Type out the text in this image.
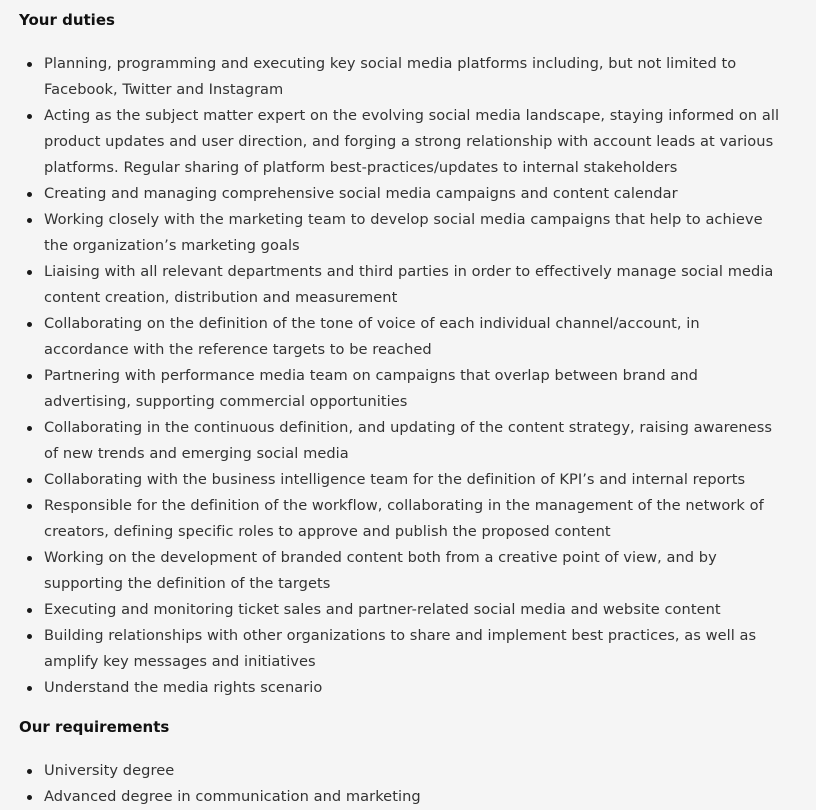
Your duties
Planning, programming and executing key social media platforms including, but not limited to Facebook, Twitter and Instagram
Acting as the subject matter expert on the evolving social media landscape, staying informed on all product updates and user direction, and forging a strong relationship with account leads at various platforms. Regular sharing of platform best-practices/updates to internal stakeholders
Creating and managing comprehensive social media campaigns and content calendar
Working closely with the marketing team to develop social media campaigns that help to achieve the organization’s marketing goals
Liaising with all relevant departments and third parties in order to effectively manage social media content creation, distribution and measurement
Collaborating on the definition of the tone of voice of each individual channel/account, in accordance with the reference targets to be reached
Partnering with performance media team on campaigns that overlap between brand and advertising, supporting commercial opportunities
Collaborating in the continuous definition, and updating of the content strategy, raising awareness of new trends and emerging social media
Collaborating with the business intelligence team for the definition of KPI’s and internal reports
Responsible for the definition of the workflow, collaborating in the management of the network of creators, defining specific roles to approve and publish the proposed content
Working on the development of branded content both from a creative point of view, and by supporting the definition of the targets
Executing and monitoring ticket sales and partner-related social media and website content
Building relationships with other organizations to share and implement best practices, as well as amplify key messages and initiatives
Understand the media rights scenario
Our requirements
University degree
Advanced degree in communication and marketing
